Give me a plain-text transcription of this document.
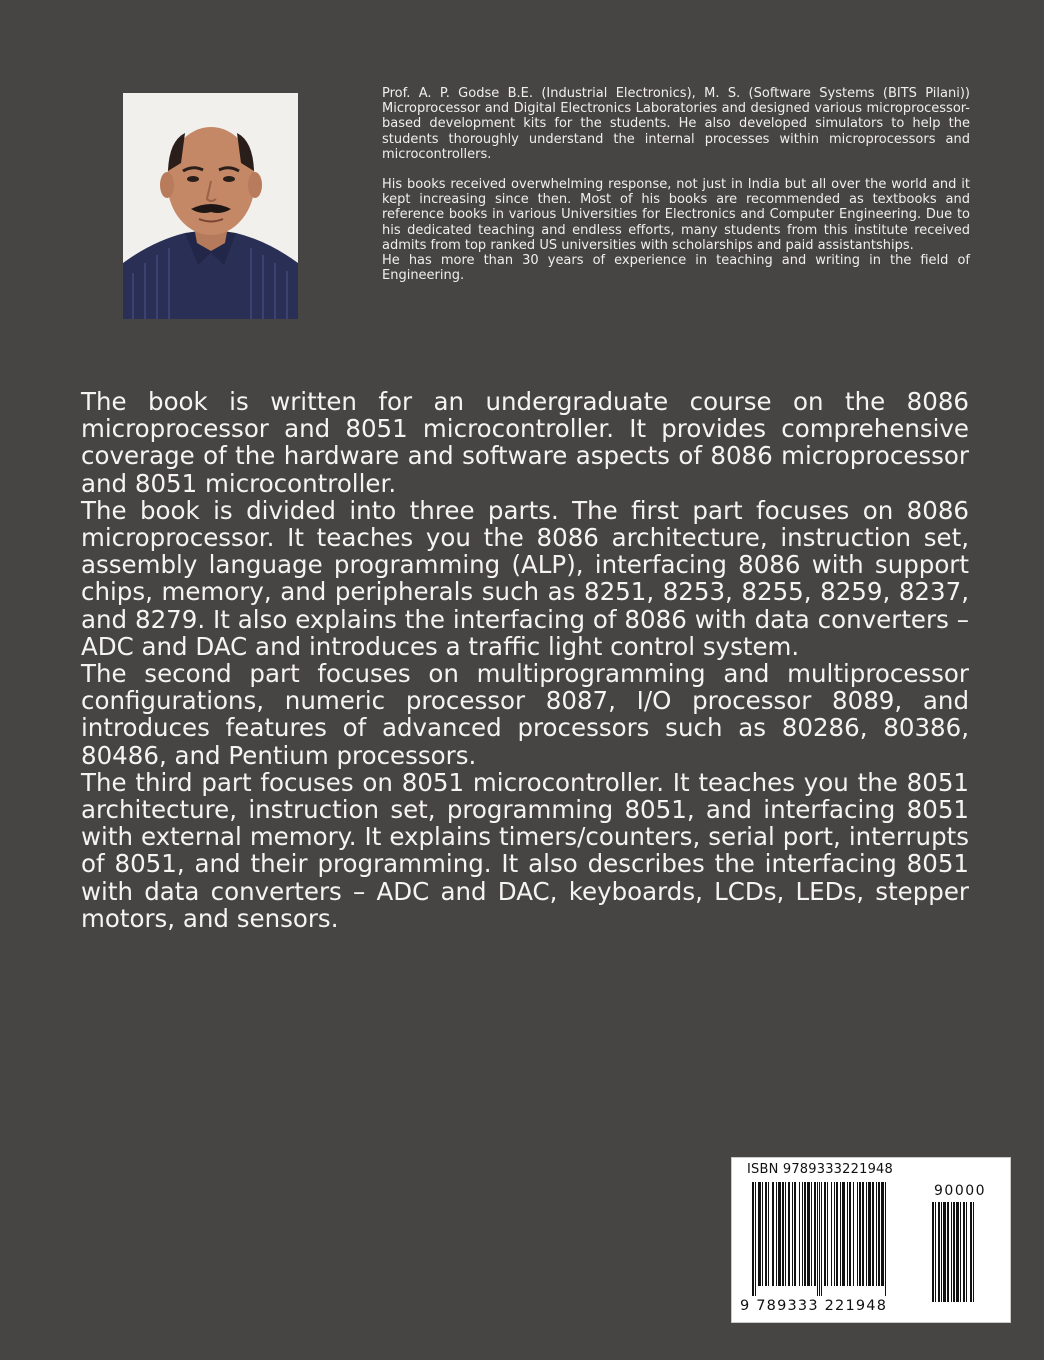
Prof. A. P. Godse B.E. (Industrial Electronics), M. S. (Software Systems (BITS Pilani)) Microprocessor and Digital Electronics Laboratories and designed various microprocessor-based development kits for the students. He also developed simulators to help the students thoroughly understand the internal processes within microprocessors and microcontrollers.

His books received overwhelming response, not just in India but all over the world and it kept increasing since then. Most of his books are recommended as textbooks and reference books in various Universities for Electronics and Computer Engineering. Due to his dedicated teaching and endless efforts, many students from this institute received admits from top ranked US universities with scholarships and paid assistantships.

He has more than 30 years of experience in teaching and writing in the field of Engineering.

The book is written for an undergraduate course on the 8086 microprocessor and 8051 microcontroller. It provides comprehensive coverage of the hardware and software aspects of 8086 microprocessor and 8051 microcontroller.

The book is divided into three parts. The first part focuses on 8086 microprocessor. It teaches you the 8086 architecture, instruction set, assembly language programming (ALP), interfacing 8086 with support chips, memory, and peripherals such as 8251, 8253, 8255, 8259, 8237, and 8279. It also explains the interfacing of 8086 with data converters – ADC and DAC and introduces a traffic light control system.

The second part focuses on multiprogramming and multiprocessor configurations, numeric processor 8087, I/O processor 8089, and introduces features of advanced processors such as 80286, 80386, 80486, and Pentium processors.

The third part focuses on 8051 microcontroller. It teaches you the 8051 architecture, instruction set, programming 8051, and interfacing 8051 with external memory. It explains timers/counters, serial port, interrupts of 8051, and their programming. It also describes the interfacing 8051 with data converters – ADC and DAC, keyboards, LCDs, LEDs, stepper motors, and sensors.

ISBN 9789333221948
9 789333 221948
90000
